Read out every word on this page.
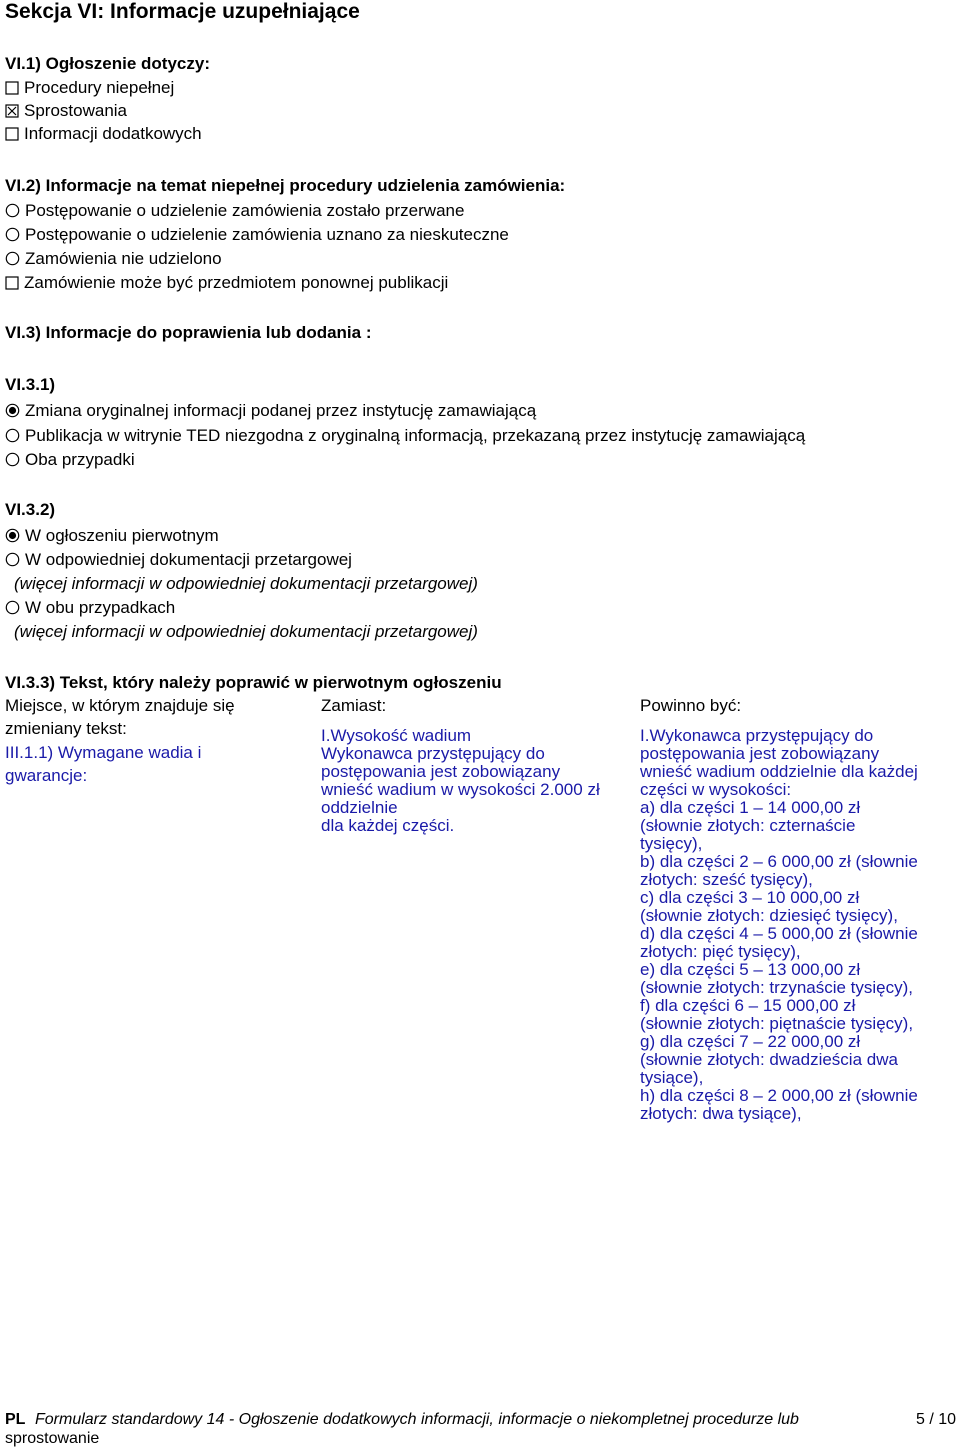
Sekcja VI: Informacje uzupełniające
VI.1) Ogłoszenie dotyczy:
Procedury niepełnej
Sprostowania
Informacji dodatkowych
VI.2) Informacje na temat niepełnej procedury udzielenia zamówienia:
Postępowanie o udzielenie zamówienia zostało przerwane
Postępowanie o udzielenie zamówienia uznano za nieskuteczne
Zamówienia nie udzielono
Zamówienie może być przedmiotem ponownej publikacji
VI.3) Informacje do poprawienia lub dodania :
VI.3.1)
Zmiana oryginalnej informacji podanej przez instytucję zamawiającą
Publikacja w witrynie TED niezgodna z oryginalną informacją, przekazaną przez instytucję zamawiającą
Oba przypadki
VI.3.2)
W ogłoszeniu pierwotnym
W odpowiedniej dokumentacji przetargowej
(więcej informacji w odpowiedniej dokumentacji przetargowej)
W obu przypadkach
(więcej informacji w odpowiedniej dokumentacji przetargowej)
VI.3.3) Tekst, który należy poprawić w pierwotnym ogłoszeniu
Miejsce, w którym znajduje się
zmieniany tekst:
III.1.1) Wymagane wadia i
gwarancje:
Zamiast:
I.Wysokość wadium
Wykonawca przystępujący do
postępowania jest zobowiązany
wnieść wadium w wysokości 2.000 zł
oddzielnie
dla każdej części.
Powinno być:
I.Wykonawca przystępujący do
postępowania jest zobowiązany
wnieść wadium oddzielnie dla każdej
części w wysokości:
a) dla części 1 – 14 000,00 zł
(słownie złotych: czternaście
tysięcy),
b) dla części 2 – 6 000,00 zł (słownie
złotych: sześć tysięcy),
c) dla części 3 – 10 000,00 zł
(słownie złotych: dziesięć tysięcy),
d) dla części 4 – 5 000,00 zł (słownie
złotych: pięć tysięcy),
e) dla części 5 – 13 000,00 zł
(słownie złotych: trzynaście tysięcy),
f) dla części 6 – 15 000,00 zł
(słownie złotych: piętnaście tysięcy),
g) dla części 7 – 22 000,00 zł
(słownie złotych: dwadzieścia dwa
tysiące),
h) dla części 8 – 2 000,00 zł (słownie
złotych: dwa tysiące),
PL Formularz standardowy 14 - Ogłoszenie dodatkowych informacji, informacje o niekompletnej procedurze lub
sprostowanie
5 / 10
